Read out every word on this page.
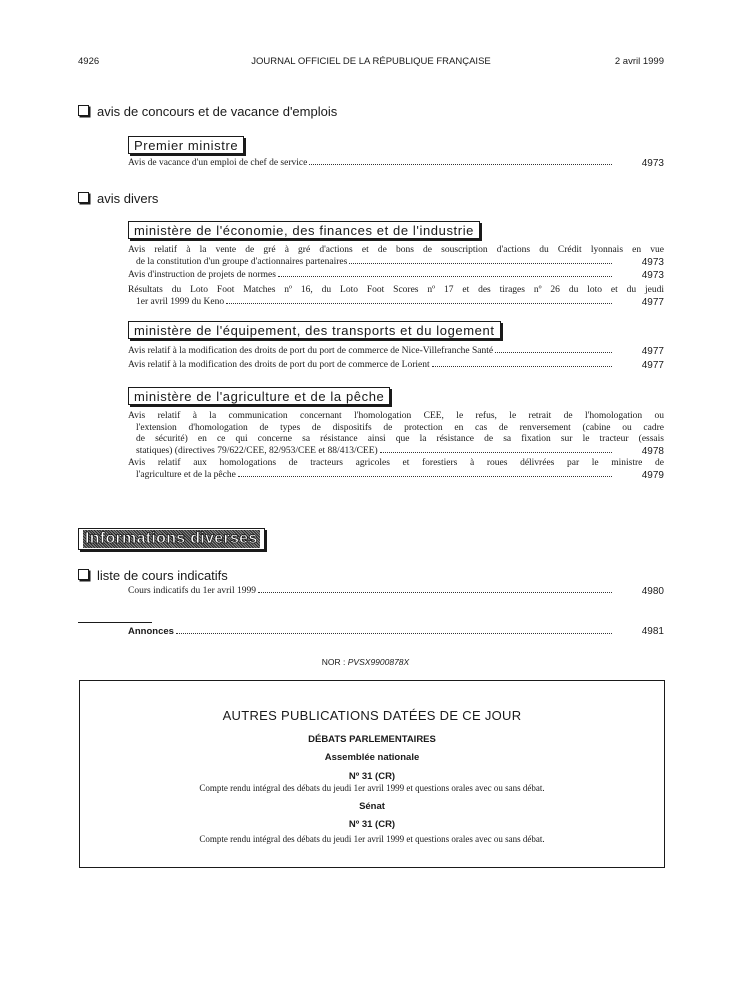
4926	JOURNAL OFFICIEL DE LA RÉPUBLIQUE FRANÇAISE	2 avril 1999
avis de concours et de vacance d'emplois
Premier ministre
Avis de vacance d'un emploi de chef de service	4973
avis divers
ministère de l'économie, des finances et de l'industrie
Avis relatif à la vente de gré à gré d'actions et de bons de souscription d'actions du Crédit lyonnais en vue
de la constitution d'un groupe d'actionnaires partenaires	4973
Avis d'instruction de projets de normes	4973
Résultats du Loto Foot Matches nº 16, du Loto Foot Scores nº 17 et des tirages nº 26 du loto et du jeudi
1er avril 1999 du Keno	4977
ministère de l'équipement, des transports et du logement
Avis relatif à la modification des droits de port du port de commerce de Nice-Villefranche Santé	4977
Avis relatif à la modification des droits de port du port de commerce de Lorient	4977
ministère de l'agriculture et de la pêche
Avis relatif à la communication concernant l'homologation CEE, le refus, le retrait de l'homologation ou
l'extension d'homologation de types de dispositifs de protection en cas de renversement (cabine ou cadre
de sécurité) en ce qui concerne sa résistance ainsi que la résistance de sa fixation sur le tracteur (essais
statiques) (directives 79/622/CEE, 82/953/CEE et 88/413/CEE)	4978
Avis relatif aux homologations de tracteurs agricoles et forestiers à roues délivrées par le ministre de
l'agriculture et de la pêche	4979
Informations diverses
liste de cours indicatifs
Cours indicatifs du 1er avril 1999	4980
Annonces	4981
NOR : PVSX9900878X
AUTRES PUBLICATIONS DATÉES DE CE JOUR
DÉBATS PARLEMENTAIRES
Assemblée nationale
Nº 31 (CR)
Compte rendu intégral des débats du jeudi 1er avril 1999 et questions orales avec ou sans débat.
Sénat
Nº 31 (CR)
Compte rendu intégral des débats du jeudi 1er avril 1999 et questions orales avec ou sans débat.
